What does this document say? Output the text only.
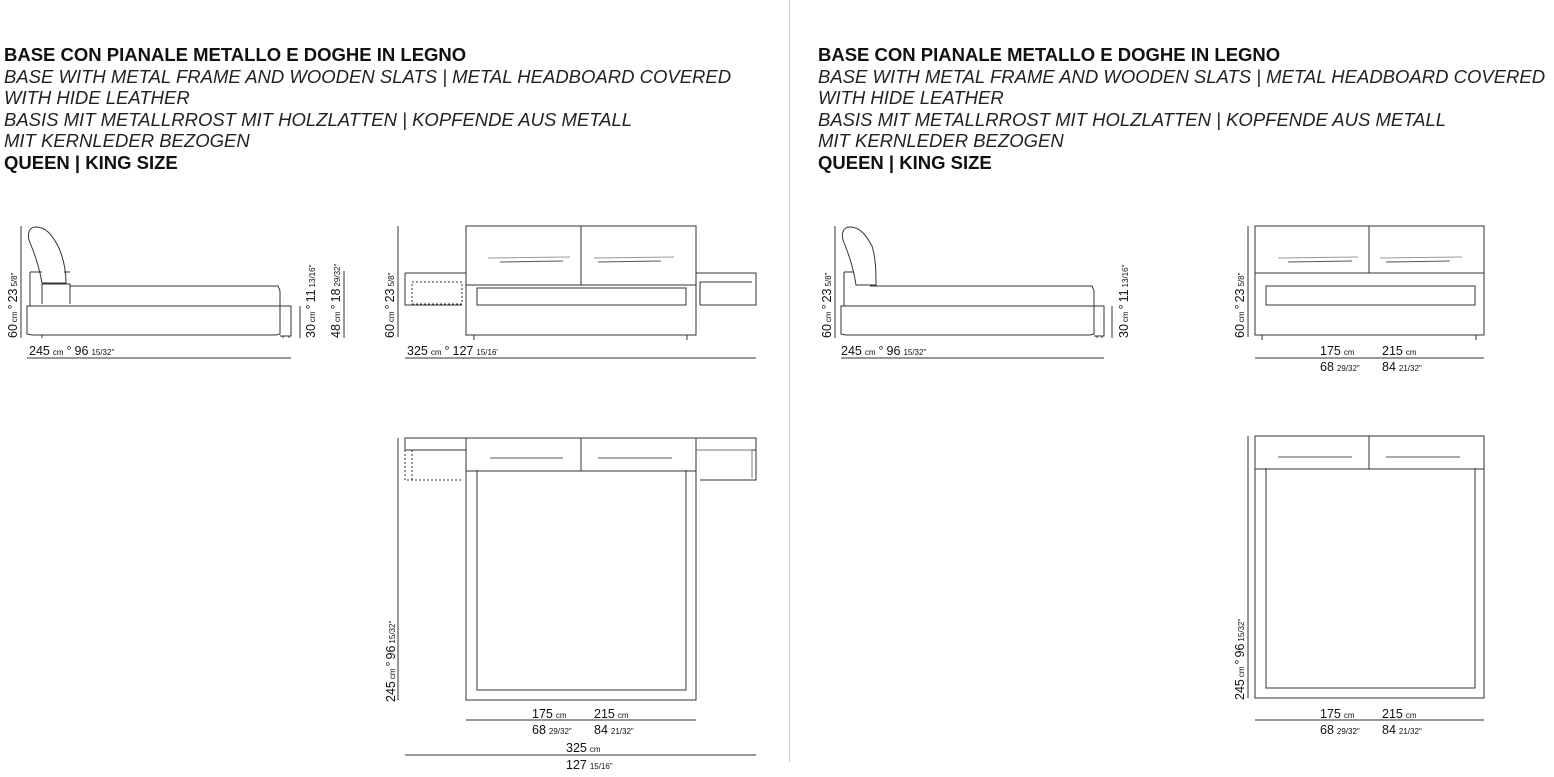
BASE CON PIANALE METALLO E DOGHE IN LEGNO
BASE WITH METAL FRAME AND WOODEN SLATS | METAL HEADBOARD COVERED
WITH HIDE LEATHER
BASIS MIT METALLRROST MIT HOLZLATTEN | KOPFENDE AUS METALL
MIT KERNLEDER BEZOGEN
QUEEN | KING SIZE
BASE CON PIANALE METALLO E DOGHE IN LEGNO
BASE WITH METAL FRAME AND WOODEN SLATS | METAL HEADBOARD COVERED
WITH HIDE LEATHER
BASIS MIT METALLRROST MIT HOLZLATTEN | KOPFENDE AUS METALL
MIT KERNLEDER BEZOGEN
QUEEN | KING SIZE
60cm°235/8"
245 cm ° 96 15/32"
30cm°1113/16"
48cm°1829/32"
60cm°235/8"
325 cm ° 127 15/16'
245cm°9615/32"
175 cm
68 29/32"
215 cm
84 21/32"
325 cm
127 15/16"
60cm°235/8"
245 cm ° 96 15/32"
30cm°1113/16"
60cm°235/8"
175 cm
68 29/32"
215 cm
84 21/32"
245cm°9615/32"
175 cm
68 29/32"
215 cm
84 21/32"
